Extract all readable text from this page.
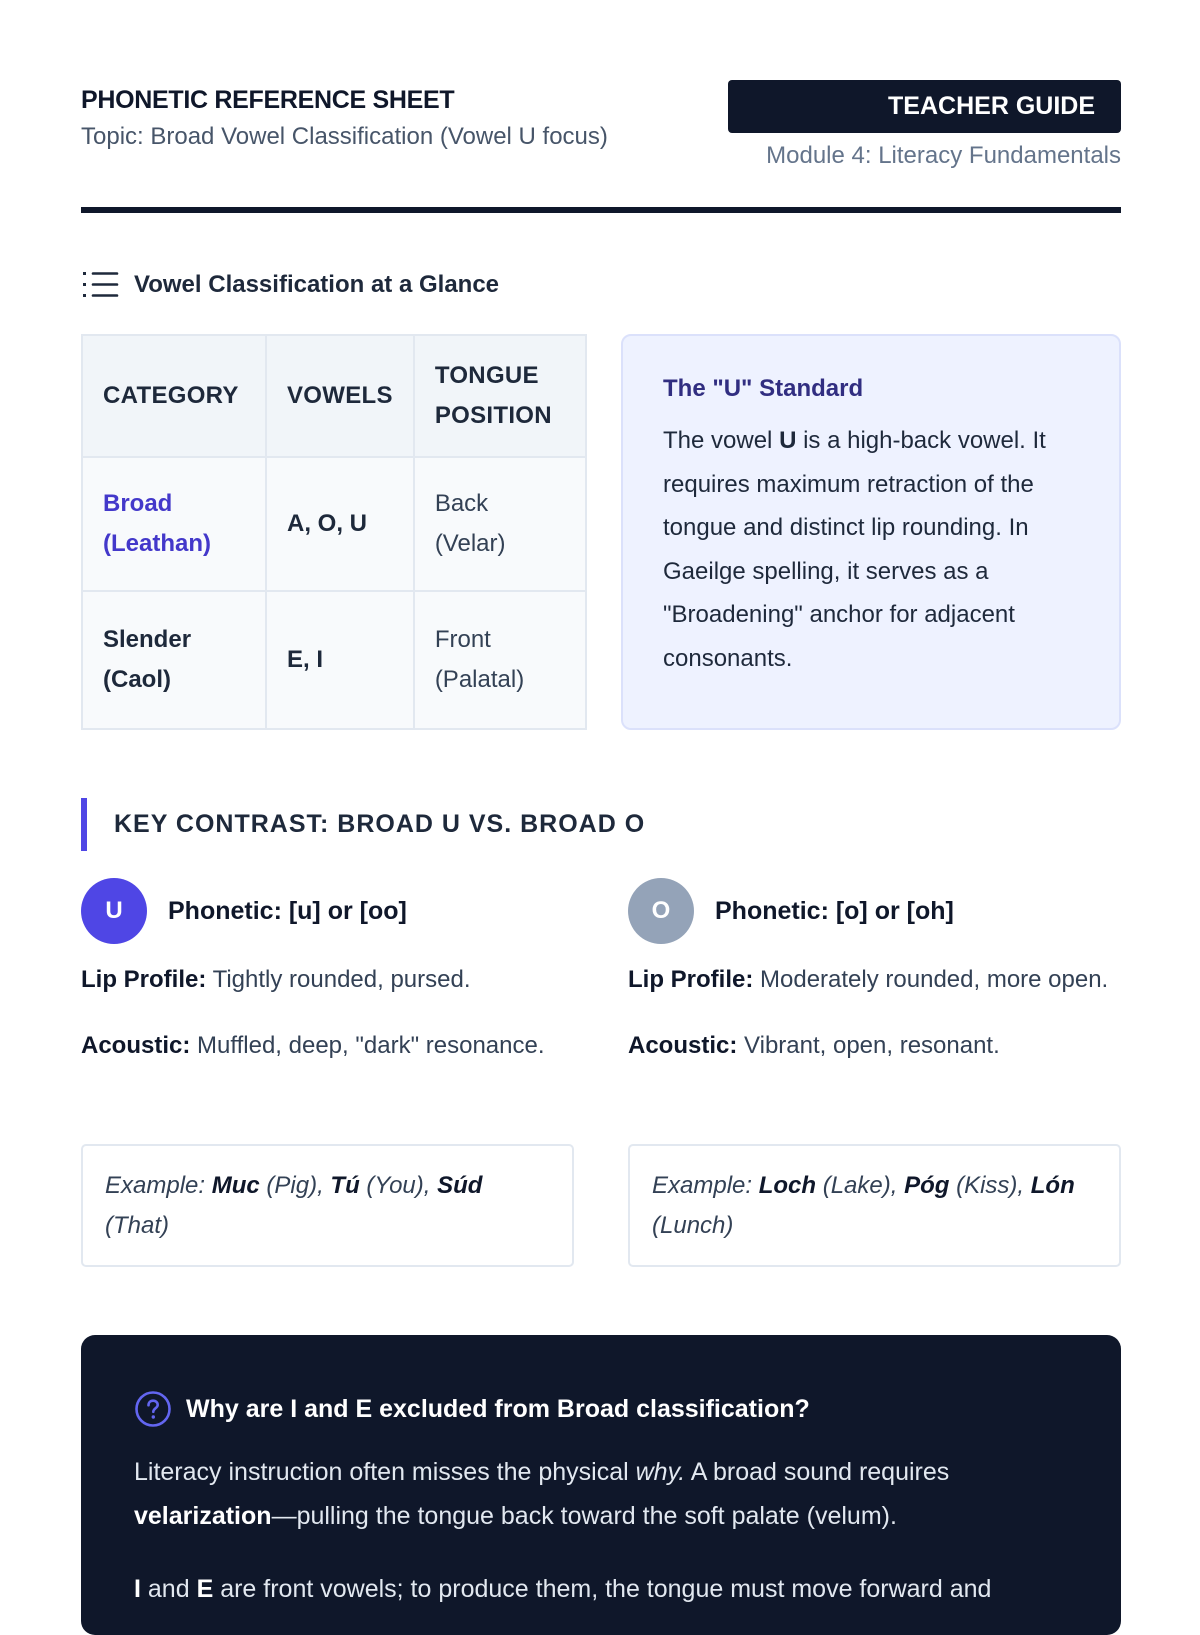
PHONETIC REFERENCE SHEET
Topic: Broad Vowel Classification (Vowel U focus)
TEACHER GUIDE
Module 4: Literacy Fundamentals
Vowel Classification at a Glance
CATEGORY	VOWELS	TONGUE POSITION
Broad (Leathan)	A, O, U	Back (Velar)
Slender (Caol)	E, I	Front (Palatal)
The "U" Standard
The vowel U is a high-back vowel. It requires maximum retraction of the tongue and distinct lip rounding. In Gaeilge spelling, it serves as a "Broadening" anchor for adjacent consonants.
KEY CONTRAST: BROAD U VS. BROAD O
U	Phonetic: [u] or [oo]
Lip Profile: Tightly rounded, pursed.
Acoustic: Muffled, deep, "dark" resonance.
Example: Muc (Pig), Tú (You), Súd (That)
O	Phonetic: [o] or [oh]
Lip Profile: Moderately rounded, more open.
Acoustic: Vibrant, open, resonant.
Example: Loch (Lake), Póg (Kiss), Lón (Lunch)
Why are I and E excluded from Broad classification?
Literacy instruction often misses the physical why. A broad sound requires
velarization—pulling the tongue back toward the soft palate (velum).
I and E are front vowels; to produce them, the tongue must move forward and
